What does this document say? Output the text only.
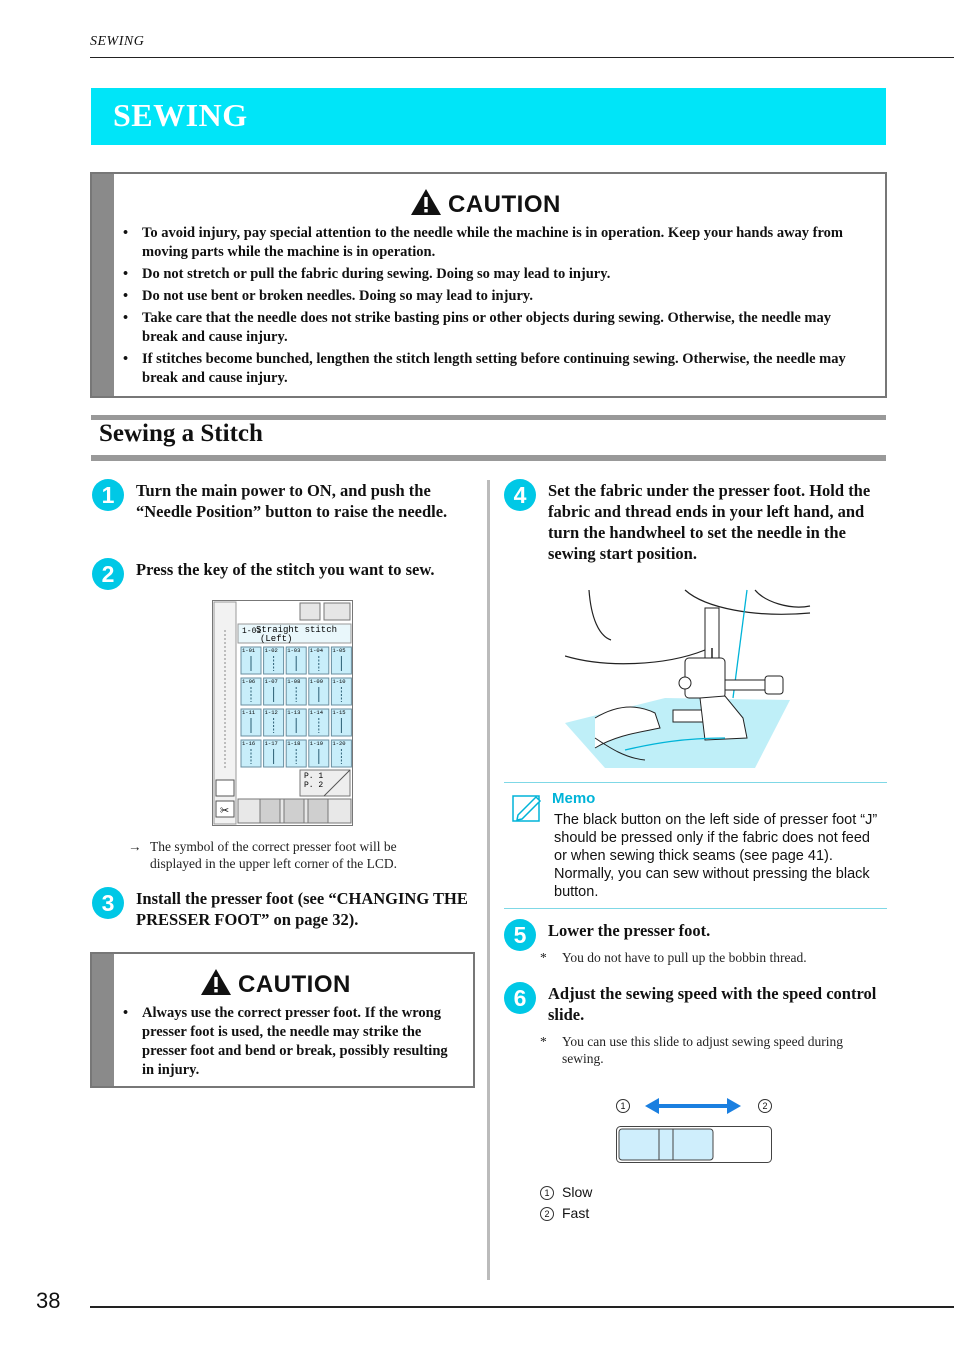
SEWING
SEWING
CAUTION
• To avoid injury, pay special attention to the needle while the machine is in operation. Keep your hands away from moving parts while the machine is in operation.
• Do not stretch or pull the fabric during sewing. Doing so may lead to injury.
• Do not use bent or broken needles. Doing so may lead to injury.
• Take care that the needle does not strike basting pins or other objects during sewing. Otherwise, the needle may break and cause injury.
• If stitches become bunched, lengthen the stitch length setting before continuing sewing. Otherwise, the needle may break and cause injury.
Sewing a Stitch
1	Turn the main power to ON, and push the “Needle Position” button to raise the needle.
2	Press the key of the stitch you want to sew.
✂
1-01
Straight stitch
(Left)
P. 1
P. 2
1-01 1-02 1-03 1-04 1-05
1-06 1-07 1-08 1-09 1-10
1-11 1-12 1-13 1-14 1-15
1-16 1-17 1-18 1-19 1-20
→ The symbol of the correct presser foot will be displayed in the upper left corner of the LCD.
3	Install the presser foot (see “CHANGING THE PRESSER FOOT” on page 32).
CAUTION
• Always use the correct presser foot. If the wrong presser foot is used, the needle may strike the presser foot and bend or break, possibly resulting in injury.
4	Set the fabric under the presser foot. Hold the fabric and thread ends in your left hand, and turn the handwheel to set the needle in the sewing start position.
Memo
The black button on the left side of presser foot “J” should be pressed only if the fabric does not feed or when sewing thick seams (see page 41). Normally, you can sew without pressing the black button.
5	Lower the presser foot.
* You do not have to pull up the bobbin thread.
6	Adjust the sewing speed with the speed control slide.
* You can use this slide to adjust sewing speed during sewing.
1	2
1 Slow
2 Fast
38
